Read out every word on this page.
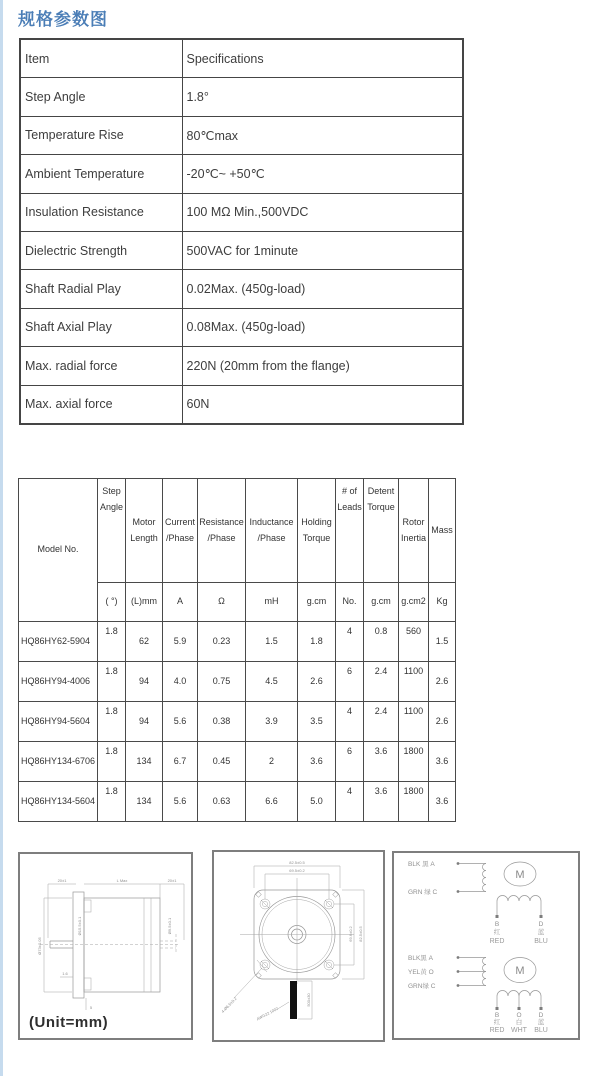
规格参数图
Item	Specifications
Step Angle	1.8°
Temperature Rise	80℃max
Ambient Temperature	-20℃~ +50℃
Insulation Resistance	100 MΩ Min.,500VDC
Dielectric Strength	500VAC for 1minute
Shaft Radial Play	0.02Max. (450g-load)
Shaft Axial Play	0.08Max. (450g-load)
Max. radial force	220N (20mm from the flange)
Max. axial force	60N
Model No.	Step Angle	Motor Length	Current /Phase	Resistance /Phase	Inductance /Phase	Holding Torque	# of Leads	Detent Torque	Rotor Inertia	Mass
	( °)	(L)mm	A	Ω	mH	g.cm	No.	g.cm	g.cm2	Kg
HQ86HY62-5904	1.8	62	5.9	0.23	1.5	1.8	4	0.8	560	1.5
HQ86HY94-4006	1.8	94	4.0	0.75	4.5	2.6	6	2.4	1100	2.6
HQ86HY94-5604	1.8	94	5.6	0.38	3.9	3.5	4	2.4	1100	2.6
HQ86HY134-6706	1.8	134	6.7	0.45	2	3.6	6	3.6	1800	3.6
HQ86HY134-5604	1.8	134	5.6	0.63	6.6	5.0	4	3.6	1800	3.6
20±1	L Max	20±1
Ø73±0.05
Ø15.5±0.1	Ø9.5±0.1
1.6
5
(Unit=mm)
82.5±0.5
69.5±0.2
69.6±0.2 82.5±0.5
4-Ø6.5±0.2	500±30
AWG22 1007
BLK 黑 A
GRN 绿 C
M
B	D
红	蓝
RED	BLU
BLK黑 A
YEL黄 O
GRN绿 C
M
B	O	D
红 白 蓝
RED WHT BLU
